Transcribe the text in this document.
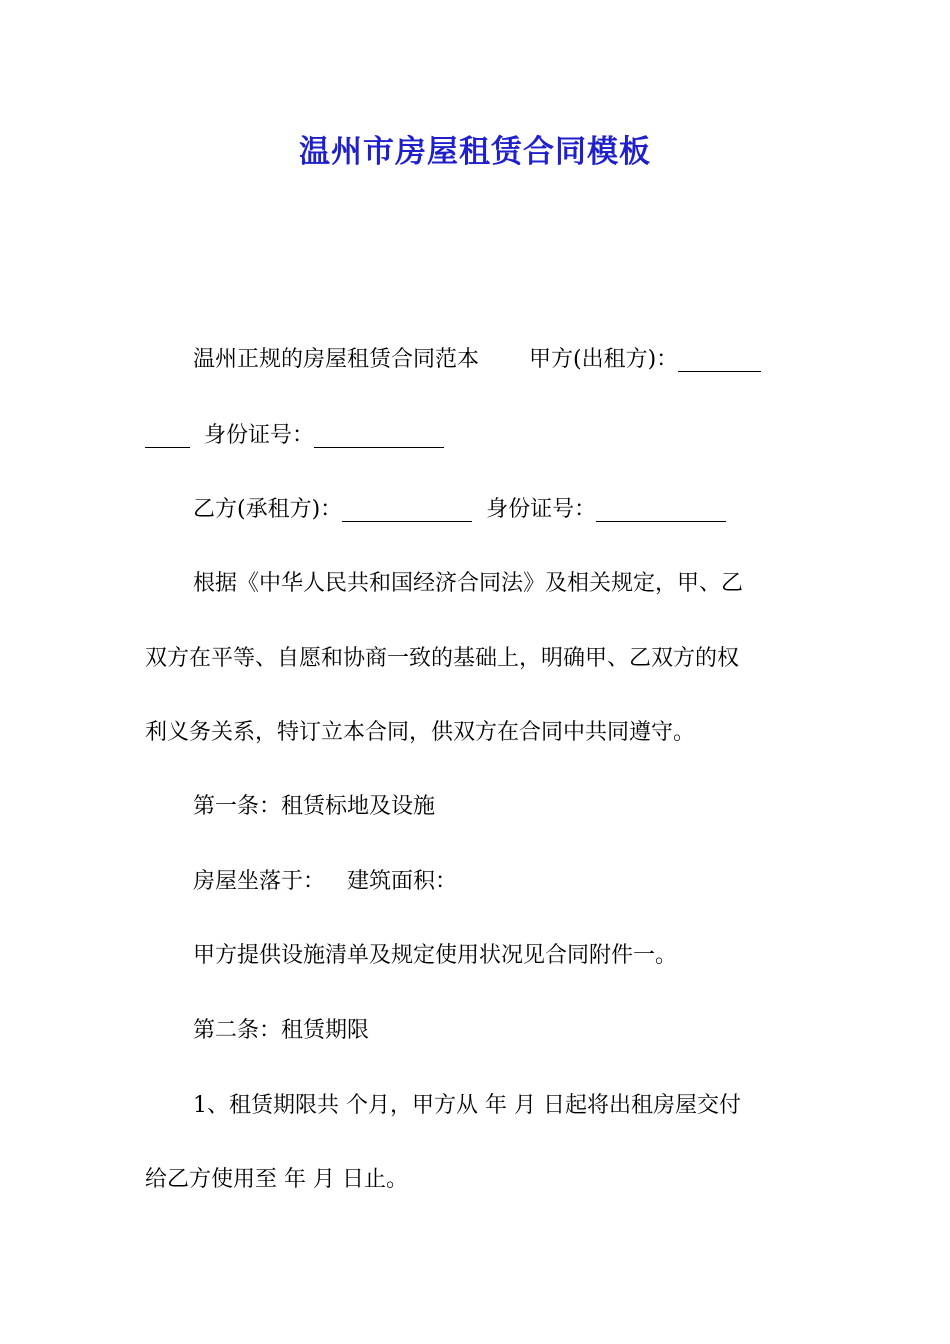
温州市房屋租赁合同模板
温州正规的房屋租赁合同范本 甲方(出租方)：
身份证号：
乙方(承租方)：	身份证号：
根据《中华人民共和国经济合同法》及相关规定，甲、乙
双方在平等、自愿和协商一致的基础上，明确甲、乙双方的权
利义务关系，特订立本合同，供双方在合同中共同遵守。
第一条：租赁标地及设施
房屋坐落于： 建筑面积：
甲方提供设施清单及规定使用状况见合同附件一。
第二条：租赁期限
1、租赁期限共 个月，甲方从 年 月 日起将出租房屋交付
给乙方使用至 年 月 日止。
